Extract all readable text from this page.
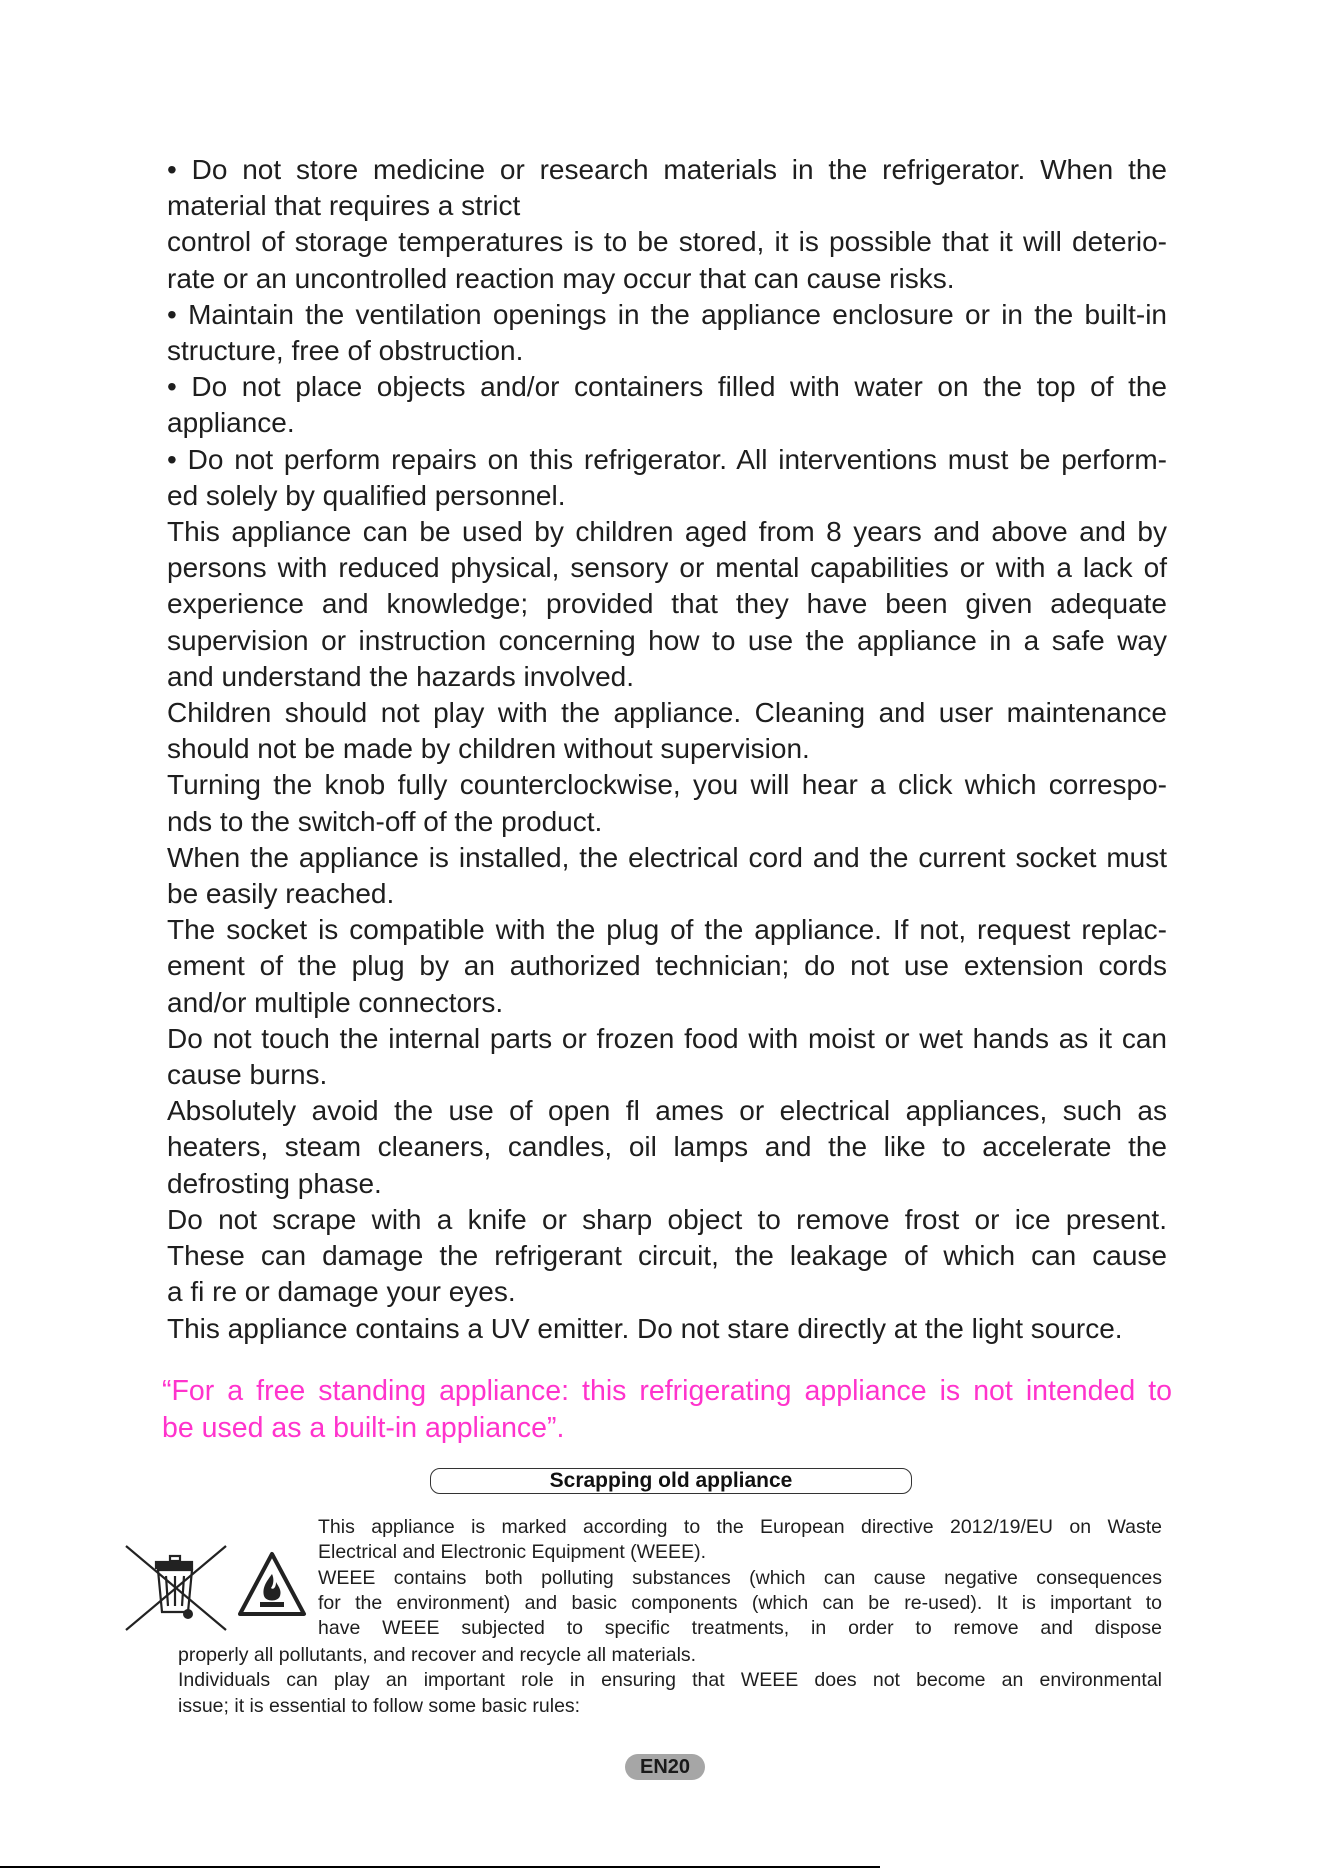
• Do not store medicine or research materials in the refrigerator. When the
material that requires a strict
control of storage temperatures is to be stored, it is possible that it will deterio-
rate or an uncontrolled reaction may occur that can cause risks.
• Maintain the ventilation openings in the appliance enclosure or in the built-in
structure, free of obstruction.
• Do not place objects and/or containers filled with water on the top of the
appliance.
• Do not perform repairs on this refrigerator. All interventions must be perform-
ed solely by qualified personnel.
This appliance can be used by children aged from 8 years and above and by
persons with reduced physical, sensory or mental capabilities or with a lack of
experience and knowledge; provided that they have been given adequate
supervision or instruction concerning how to use the appliance in a safe way
and understand the hazards involved.
Children should not play with the appliance. Cleaning and user maintenance
should not be made by children without supervision.
Turning the knob fully counterclockwise, you will hear a click which correspo-
nds to the switch-off of the product.
When the appliance is installed, the electrical cord and the current socket must
be easily reached.
The socket is compatible with the plug of the appliance. If not, request replac-
ement of the plug by an authorized technician; do not use extension cords
and/or multiple connectors.
Do not touch the internal parts or frozen food with moist or wet hands as it can
cause burns.
Absolutely avoid the use of open fl ames or electrical appliances, such as
heaters, steam cleaners, candles, oil lamps and the like to accelerate the
defrosting phase.
Do not scrape with a knife or sharp object to remove frost or ice present.
These can damage the refrigerant circuit, the leakage of which can cause
a fi re or damage your eyes.
This appliance contains a UV emitter. Do not stare directly at the light source.
“For a free standing appliance: this refrigerating appliance is not intended to
be used as a built-in appliance”.
Scrapping old appliance
This appliance is marked according to the European directive 2012/19/EU on Waste
Electrical and Electronic Equipment (WEEE).
WEEE contains both polluting substances (which can cause negative consequences
for the environment) and basic components (which can be re-used). It is important to
have WEEE subjected to specific treatments, in order to remove and dispose
properly all pollutants, and recover and recycle all materials.
Individuals can play an important role in ensuring that WEEE does not become an environmental
issue; it is essential to follow some basic rules:
EN20
